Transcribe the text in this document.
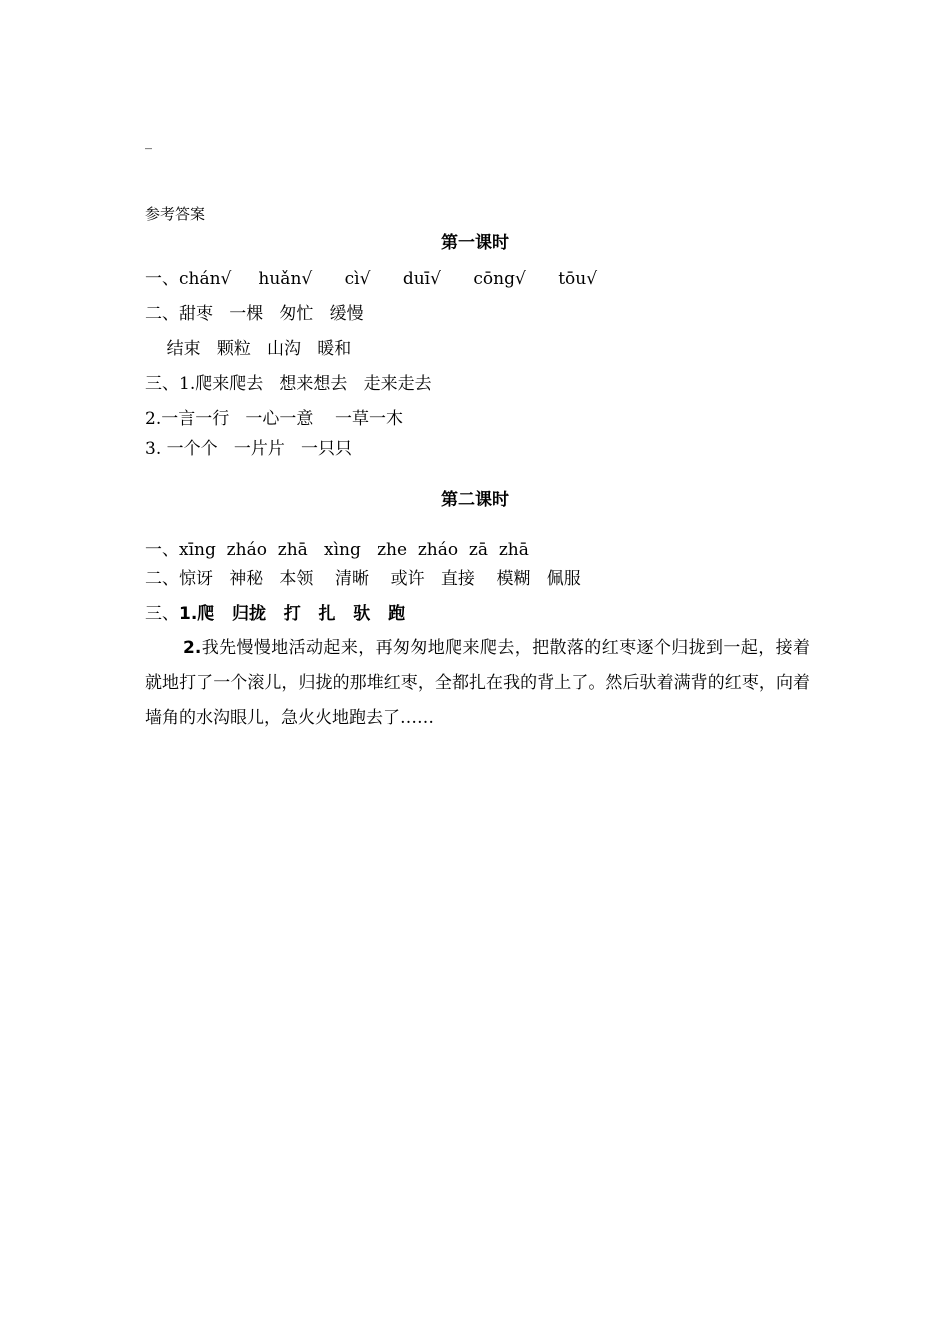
_
参考答案
第一课时
一、chán√     huǎn√      cì√      duī√      cōng√      tōu√
二、甜枣   一棵   匆忙   缓慢
结束   颗粒   山沟   暖和
三、1.爬来爬去   想来想去   走来走去
2.一言一行   一心一意    一草一木
3. 一个个   一片片   一只只
第二课时
一、xīng  zháo  zhā   xìng   zhe  zháo  zā  zhā
二、惊讶   神秘   本领    清晰    或许   直接    模糊   佩服
三、1.爬   归拢   打   扎   驮   跑
2.我先慢慢地活动起来，再匆匆地爬来爬去，把散落的红枣逐个归拢到一起，接着就地打了一个滚儿，归拢的那堆红枣，全都扎在我的背上了。然后驮着满背的红枣，向着墙角的水沟眼儿，急火火地跑去了……
